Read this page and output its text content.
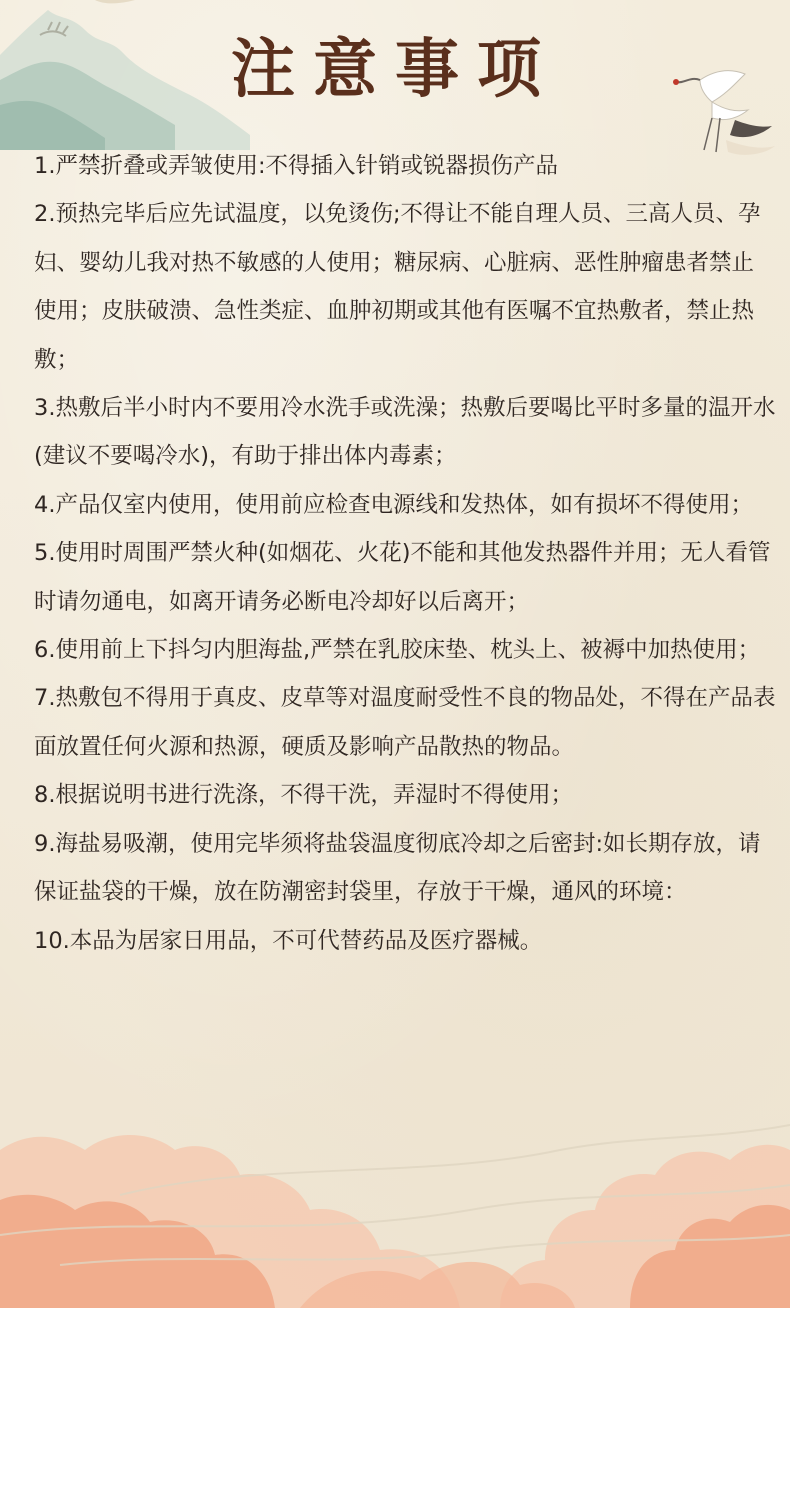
注意事项

1.严禁折叠或弄皱使用:不得插入针销或锐器损伤产品

2.预热完毕后应先试温度，以免烫伤;不得让不能自理人员、三高人员、孕妇、婴幼儿我对热不敏感的人使用；糖尿病、心脏病、恶性肿瘤患者禁止使用；皮肤破溃、急性类症、血肿初期或其他有医嘱不宜热敷者，禁止热敷；

3.热敷后半小时内不要用冷水洗手或洗澡；热敷后要喝比平时多量的温开水(建议不要喝冷水)，有助于排出体内毒素；

4.产品仅室内使用，使用前应检查电源线和发热体，如有损坏不得使用；

5.使用时周围严禁火种(如烟花、火花)不能和其他发热器件并用；无人看管时请勿通电，如离开请务必断电冷却好以后离开；

6.使用前上下抖匀内胆海盐,严禁在乳胶床垫、枕头上、被褥中加热使用；

7.热敷包不得用于真皮、皮草等对温度耐受性不良的物品处，不得在产品表面放置任何火源和热源，硬质及影响产品散热的物品。

8.根据说明书进行洗涤，不得干洗，弄湿时不得使用；

9.海盐易吸潮，使用完毕须将盐袋温度彻底冷却之后密封:如长期存放，请保证盐袋的干燥，放在防潮密封袋里，存放于干燥，通风的环境：

10.本品为居家日用品，不可代替药品及医疗器械。
